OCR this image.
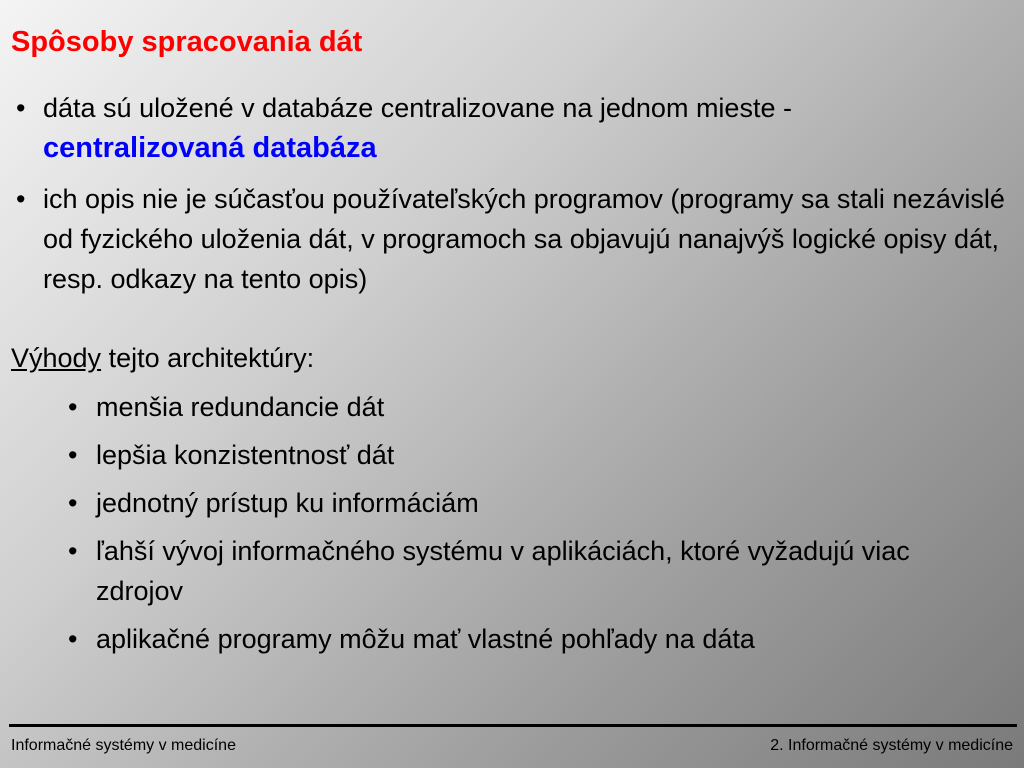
Spôsoby spracovania dát
• dáta sú uložené v databáze centralizovane na jednom mieste -
centralizovaná databáza
• ich opis nie je súčasťou používateľských programov (programy sa stali nezávislé od fyzického uloženia dát, v programoch sa objavujú nanajvýš logické opisy dát, resp. odkazy na tento opis)

Výhody tejto architektúry:

• menšia redundancie dát
• lepšia konzistentnosť dát
• jednotný prístup ku informáciám
• ľahší vývoj informačného systému v aplikáciách, ktoré vyžadujú viac zdrojov
• aplikačné programy môžu mať vlastné pohľady na dáta
Informačné systémy v medicíne	2. Informačné systémy v medicíne
